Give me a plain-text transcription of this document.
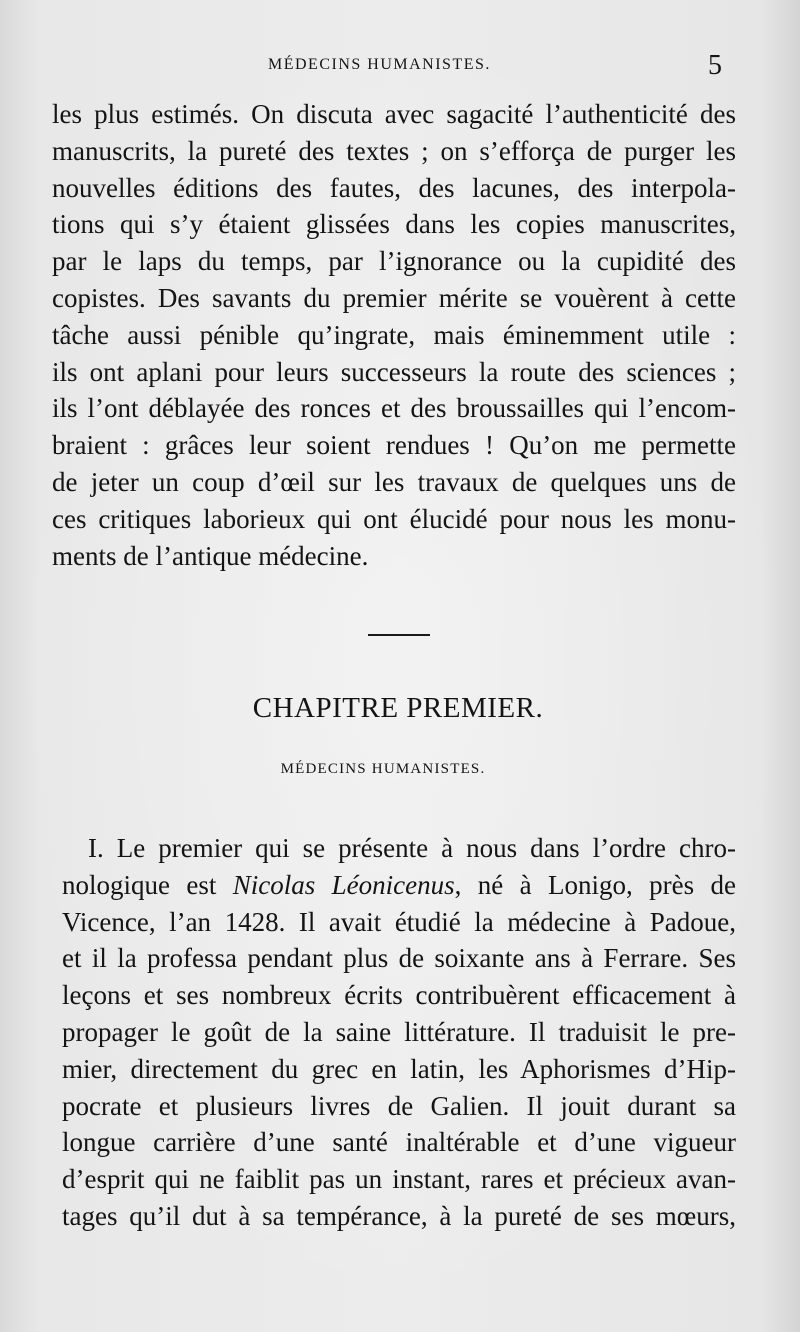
MÉDECINS HUMANISTES.	5
les plus estimés. On discuta avec sagacité l’authenticité des
manuscrits, la pureté des textes ; on s’efforça de purger les
nouvelles éditions des fautes, des lacunes, des interpola-
tions qui s’y étaient glissées dans les copies manuscrites,
par le laps du temps, par l’ignorance ou la cupidité des
copistes. Des savants du premier mérite se vouèrent à cette
tâche aussi pénible qu’ingrate, mais éminemment utile :
ils ont aplani pour leurs successeurs la route des sciences ;
ils l’ont déblayée des ronces et des broussailles qui l’encom-
braient : grâces leur soient rendues ! Qu’on me permette
de jeter un coup d’œil sur les travaux de quelques uns de
ces critiques laborieux qui ont élucidé pour nous les monu-
ments de l’antique médecine.
CHAPITRE PREMIER.
MÉDECINS HUMANISTES.
I. Le premier qui se présente à nous dans l’ordre chro-
nologique est Nicolas Léonicenus, né à Lonigo, près de
Vicence, l’an 1428. Il avait étudié la médecine à Padoue,
et il la professa pendant plus de soixante ans à Ferrare. Ses
leçons et ses nombreux écrits contribuèrent efficacement à
propager le goût de la saine littérature. Il traduisit le pre-
mier, directement du grec en latin, les Aphorismes d’Hip-
pocrate et plusieurs livres de Galien. Il jouit durant sa
longue carrière d’une santé inaltérable et d’une vigueur
d’esprit qui ne faiblit pas un instant, rares et précieux avan-
tages qu’il dut à sa tempérance, à la pureté de ses mœurs,
